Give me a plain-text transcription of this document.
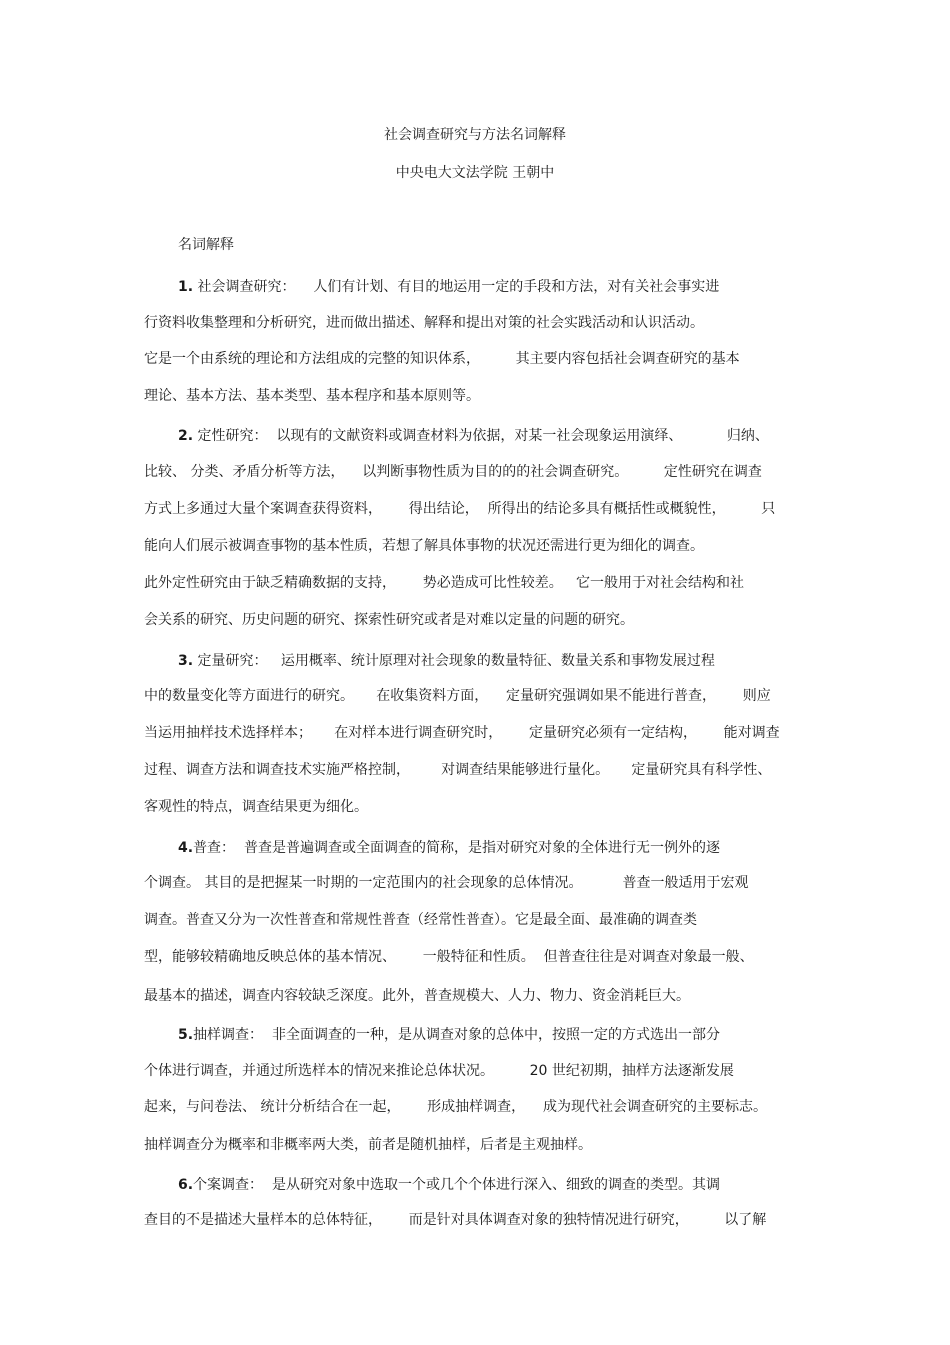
社会调查研究与方法名词解释
中央电大文法学院 王朝中
名词解释
1. 社会调查研究：    人们有计划、有目的地运用一定的手段和方法，对有关社会事实进
行资料收集整理和分析研究，进而做出描述、解释和提出对策的社会实践活动和认识活动。
它是一个由系统的理论和方法组成的完整的知识体系，        其主要内容包括社会调查研究的基本
理论、基本方法、基本类型、基本程序和基本原则等。
2. 定性研究：  以现有的文献资料或调查材料为依据，对某一社会现象运用演绎、          归纳、
比较、 分类、矛盾分析等方法，    以判断事物性质为目的的的社会调查研究。        定性研究在调查
方式上多通过大量个案调查获得资料，      得出结论，  所得出的结论多具有概括性或概貌性，        只
能向人们展示被调查事物的基本性质，若想了解具体事物的状况还需进行更为细化的调查。
此外定性研究由于缺乏精确数据的支持，      势必造成可比性较差。   它一般用于对社会结构和社
会关系的研究、历史问题的研究、探索性研究或者是对难以定量的问题的研究。
3. 定量研究：   运用概率、统计原理对社会现象的数量特征、数量关系和事物发展过程
中的数量变化等方面进行的研究。     在收集资料方面，    定量研究强调如果不能进行普查，      则应
当运用抽样技术选择样本；     在对样本进行调查研究时，      定量研究必须有一定结构，      能对调查
过程、调查方法和调查技术实施严格控制，       对调查结果能够进行量化。     定量研究具有科学性、
客观性的特点，调查结果更为细化。
4.普查：  普查是普遍调查或全面调查的简称，是指对研究对象的全体进行无一例外的逐
个调查。 其目的是把握某一时期的一定范围内的社会现象的总体情况。         普查一般适用于宏观
调查。普查又分为一次性普查和常规性普查（经常性普查）。它是最全面、最准确的调查类
型，能够较精确地反映总体的基本情况、      一般特征和性质。  但普查往往是对调查对象最一般、
最基本的描述，调查内容较缺乏深度。此外，普查规模大、人力、物力、资金消耗巨大。
5.抽样调查：  非全面调查的一种，是从调查对象的总体中，按照一定的方式选出一部分
个体进行调查，并通过所选样本的情况来推论总体状况。        20 世纪初期，抽样方法逐渐发展
起来，与问卷法、 统计分析结合在一起，      形成抽样调查，    成为现代社会调查研究的主要标志。
抽样调查分为概率和非概率两大类，前者是随机抽样，后者是主观抽样。
6.个案调查：  是从研究对象中选取一个或几个个体进行深入、细致的调查的类型。其调
查目的不是描述大量样本的总体特征，      而是针对具体调查对象的独特情况进行研究，        以了解
